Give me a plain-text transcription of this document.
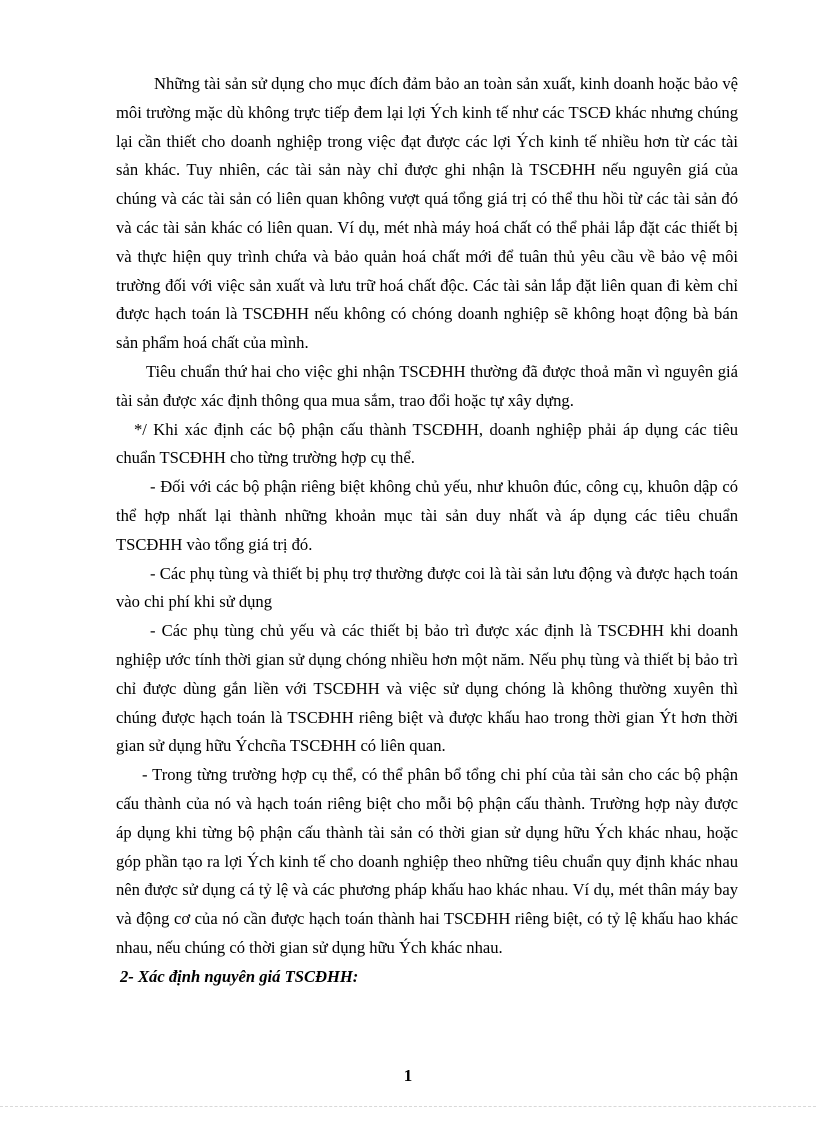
Những tài sản sử dụng cho mục đích đảm bảo an toàn sản xuất, kinh doanh hoặc bảo vệ môi trường mặc dù không trực tiếp đem lại lợi Ých kinh tế như các TSCĐ khác nhưng chúng lại cần thiết cho doanh nghiệp trong việc đạt được các lợi Ých kinh tế nhiều hơn từ các tài sản khác. Tuy nhiên, các tài sản này chỉ được ghi nhận là TSCĐHH nếu nguyên giá của chúng và các tài sản có liên quan không vượt quá tổng giá trị có thể thu hồi từ các tài sản đó và các tài sản khác có liên quan. Ví dụ, mét nhà máy hoá chất có thể phải lắp đặt các thiết bị và thực hiện quy trình chứa và bảo quản hoá chất mới để tuân thủ yêu cầu về bảo vệ môi trường đối với việc sản xuất và lưu trữ hoá chất độc. Các tài sản lắp đặt liên quan đi kèm chỉ được hạch toán là TSCĐHH nếu không có chóng doanh nghiệp sẽ không hoạt động bà bán sản phẩm hoá chất của mình.

Tiêu chuẩn thứ hai cho việc ghi nhận TSCĐHH thường đã được thoả mãn vì nguyên giá tài sản được xác định thông qua mua sắm, trao đổi hoặc tự xây dựng.

*/ Khi xác định các bộ phận cấu thành TSCĐHH, doanh nghiệp phải áp dụng các tiêu chuẩn TSCĐHH cho từng trường hợp cụ thể.

- Đối với các bộ phận riêng biệt không chủ yếu, như khuôn đúc, công cụ, khuôn dập có thể hợp nhất lại thành những khoản mục tài sản duy nhất và áp dụng các tiêu chuẩn TSCĐHH vào tổng giá trị đó.

- Các phụ tùng và thiết bị phụ trợ thường được coi là tài sản lưu động và được hạch toán vào chi phí khi sử dụng

- Các phụ tùng chủ yếu và các thiết bị bảo trì được xác định là TSCĐHH khi doanh nghiệp ước tính thời gian sử dụng chóng nhiều hơn một năm. Nếu phụ tùng và thiết bị bảo trì chỉ được dùng gắn liền với TSCĐHH và việc sử dụng chóng là không thường xuyên thì chúng được hạch toán là TSCĐHH riêng biệt và được khấu hao trong thời gian Ýt hơn thời gian sử dụng hữu Ýchcña TSCĐHH có liên quan.

- Trong từng trường hợp cụ thể, có thể phân bổ tổng chi phí của tài sản cho các bộ phận cấu thành của nó và hạch toán riêng biệt cho mỗi bộ phận cấu thành. Trường hợp này được áp dụng khi từng bộ phận cấu thành tài sản có thời gian sử dụng hữu Ých khác nhau, hoặc góp phần tạo ra lợi Ých kinh tế cho doanh nghiệp theo những tiêu chuẩn quy định khác nhau nên được sử dụng cá tỷ lệ và các phương pháp khấu hao khác nhau. Ví dụ, mét thân máy bay và động cơ của nó cần được hạch toán thành hai TSCĐHH riêng biệt, có tỷ lệ khấu hao khác nhau, nếu chúng có thời gian sử dụng hữu Ých khác nhau.

2- Xác định nguyên giá TSCĐHH:

1
